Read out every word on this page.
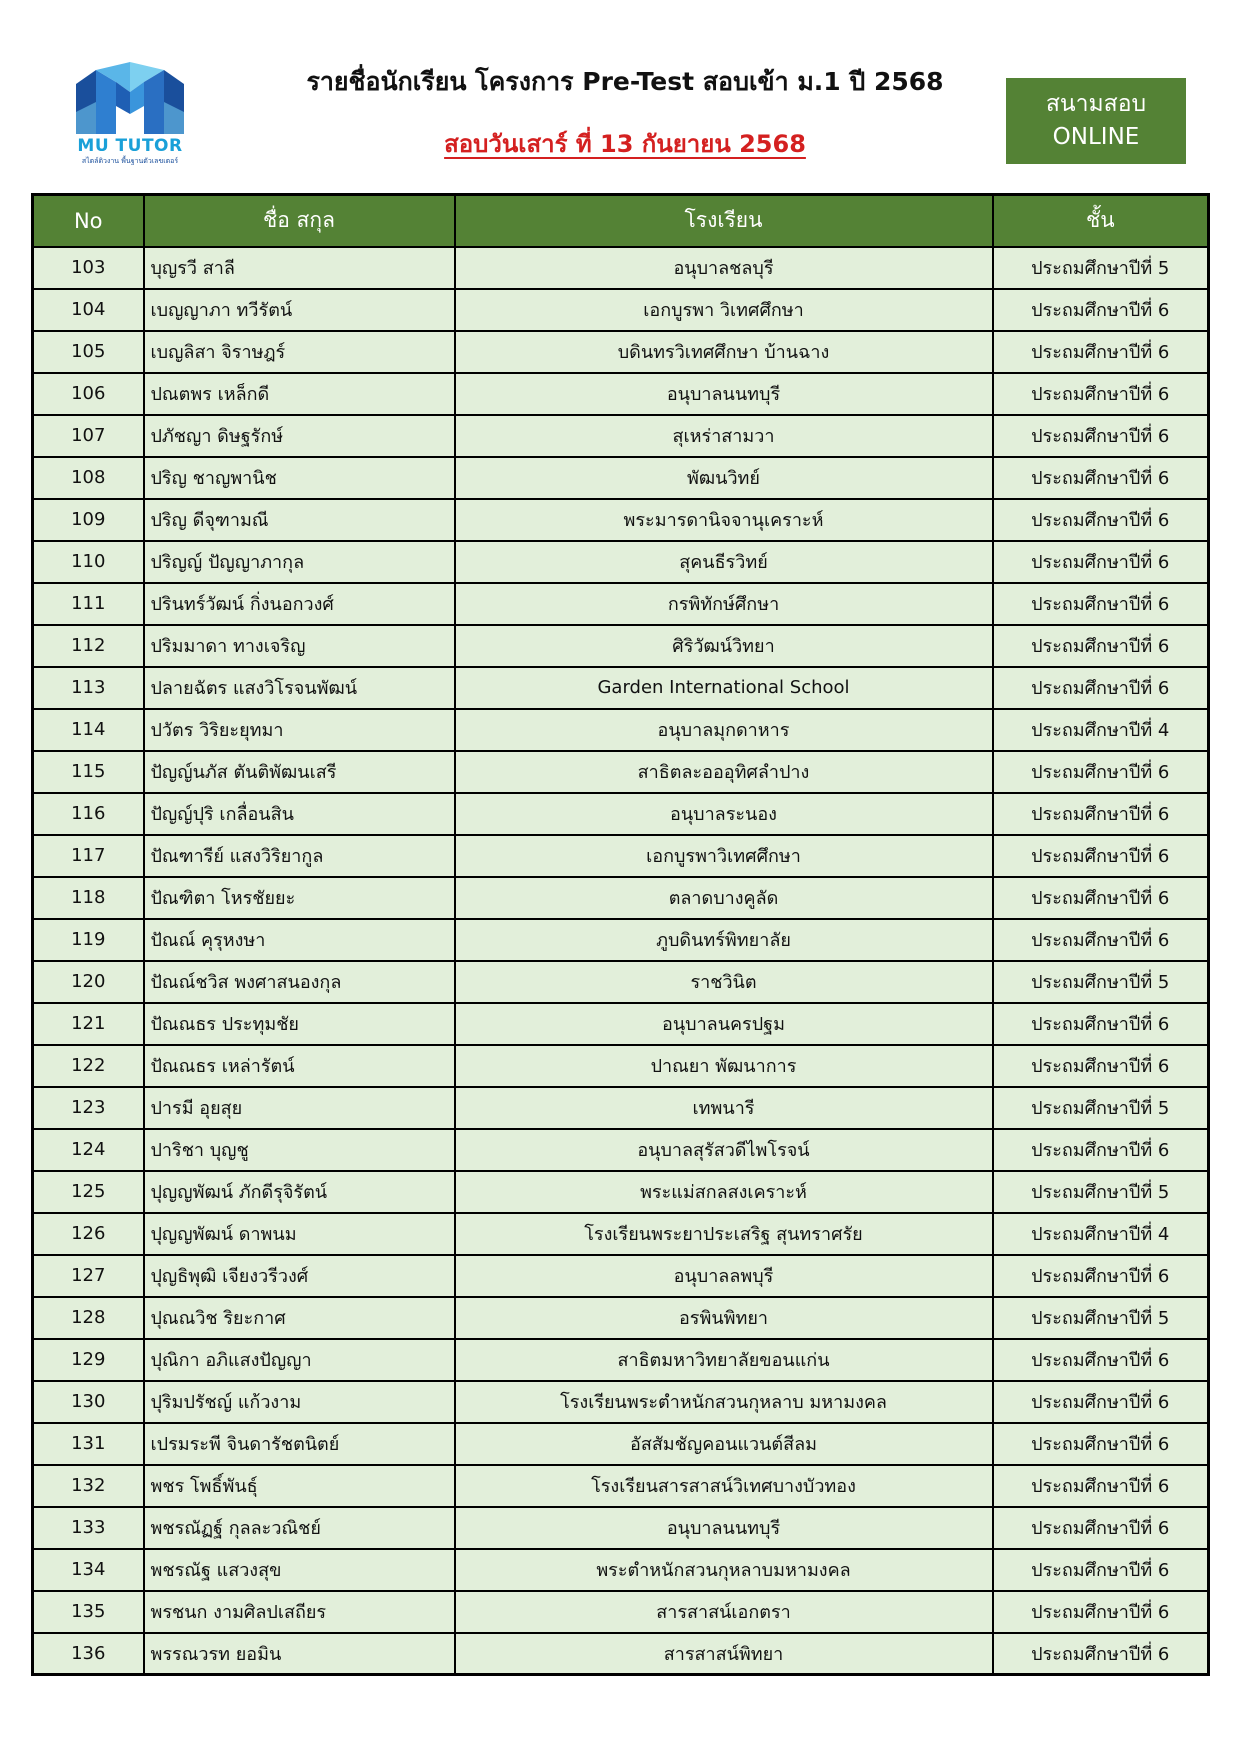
MU TUTOR
สไตล์ติวงาน พื้นฐานตัวเลขเตอร์
รายชื่อนักเรียน โครงการ Pre-Test สอบเข้า ม.1 ปี 2568
สอบวันเสาร์ ที่ 13 กันยายน 2568
สนามสอบ
ONLINE
No	ชื่อ สกุล	โรงเรียน	ชั้น
103	บุญรวี สาลี	อนุบาลชลบุรี	ประถมศึกษาปีที่ 5
104	เบญญาภา ทวีรัตน์	เอกบูรพา วิเทศศึกษา	ประถมศึกษาปีที่ 6
105	เบญลิสา จิราษฎร์	บดินทรวิเทศศึกษา บ้านฉาง	ประถมศึกษาปีที่ 6
106	ปณตพร เหล็กดี	อนุบาลนนทบุรี	ประถมศึกษาปีที่ 6
107	ปภัชญา ดิษฐรักษ์	สุเหร่าสามวา	ประถมศึกษาปีที่ 6
108	ปริญ ชาญพานิช	พัฒนวิทย์	ประถมศึกษาปีที่ 6
109	ปริญ ดีจุฑามณี	พระมารดานิจจานุเคราะห์	ประถมศึกษาปีที่ 6
110	ปริญญ์ ปัญญาภากุล	สุคนธีรวิทย์	ประถมศึกษาปีที่ 6
111	ปรินทร์วัฒน์ กิ่งนอกวงศ์	กรพิทักษ์ศึกษา	ประถมศึกษาปีที่ 6
112	ปริมมาดา ทางเจริญ	ศิริวัฒน์วิทยา	ประถมศึกษาปีที่ 6
113	ปลายฉัตร แสงวิโรจนพัฒน์	Garden International School	ประถมศึกษาปีที่ 6
114	ปวัตร วิริยะยุทมา	อนุบาลมุกดาหาร	ประถมศึกษาปีที่ 4
115	ปัญญ์นภัส ตันติพัฒนเสรี	สาธิตละอออุทิศลำปาง	ประถมศึกษาปีที่ 6
116	ปัญญ์ปุริ เกลื่อนสิน	อนุบาลระนอง	ประถมศึกษาปีที่ 6
117	ปัณฑารีย์ แสงวิริยากูล	เอกบูรพาวิเทศศึกษา	ประถมศึกษาปีที่ 6
118	ปัณฑิตา โหรชัยยะ	ตลาดบางคูลัด	ประถมศึกษาปีที่ 6
119	ปัณณ์ คุรุหงษา	ภูบดินทร์พิทยาลัย	ประถมศึกษาปีที่ 6
120	ปัณณ์ชวิส พงศาสนองกุล	ราชวินิต	ประถมศึกษาปีที่ 5
121	ปัณณธร ประทุมชัย	อนุบาลนครปฐม	ประถมศึกษาปีที่ 6
122	ปัณณธร เหล่ารัตน์	ปาณยา พัฒนาการ	ประถมศึกษาปีที่ 6
123	ปารมี อุยสุย	เทพนารี	ประถมศึกษาปีที่ 5
124	ปาริชา บุญชู	อนุบาลสุรัสวดีไพโรจน์	ประถมศึกษาปีที่ 6
125	ปุญญพัฒน์ ภักดีรุจิรัตน์	พระแม่สกลสงเคราะห์	ประถมศึกษาปีที่ 5
126	ปุญญพัฒน์ ดาพนม	โรงเรียนพระยาประเสริฐ สุนทราศรัย	ประถมศึกษาปีที่ 4
127	ปุญธิพุฒิ เจียงวรีวงศ์	อนุบาลลพบุรี	ประถมศึกษาปีที่ 6
128	ปุณณวิช ริยะกาศ	อรพินพิทยา	ประถมศึกษาปีที่ 5
129	ปุณิกา อภิแสงปัญญา	สาธิตมหาวิทยาลัยขอนแก่น	ประถมศึกษาปีที่ 6
130	ปุริมปรัชญ์ แก้วงาม	โรงเรียนพระตำหนักสวนกุหลาบ มหามงคล	ประถมศึกษาปีที่ 6
131	เปรมระพี จินดารัชตนิตย์	อัสสัมชัญคอนแวนต์สีลม	ประถมศึกษาปีที่ 6
132	พชร โพธิ์พันธุ์	โรงเรียนสารสาสน์วิเทศบางบัวทอง	ประถมศึกษาปีที่ 6
133	พชรณัฏฐ์ กุลละวณิชย์	อนุบาลนนทบุรี	ประถมศึกษาปีที่ 6
134	พชรณัฐ แสวงสุข	พระตำหนักสวนกุหลาบมหามงคล	ประถมศึกษาปีที่ 6
135	พรชนก งามศิลปเสถียร	สารสาสน์เอกตรา	ประถมศึกษาปีที่ 6
136	พรรณวรท ยอมิน	สารสาสน์พิทยา	ประถมศึกษาปีที่ 6
